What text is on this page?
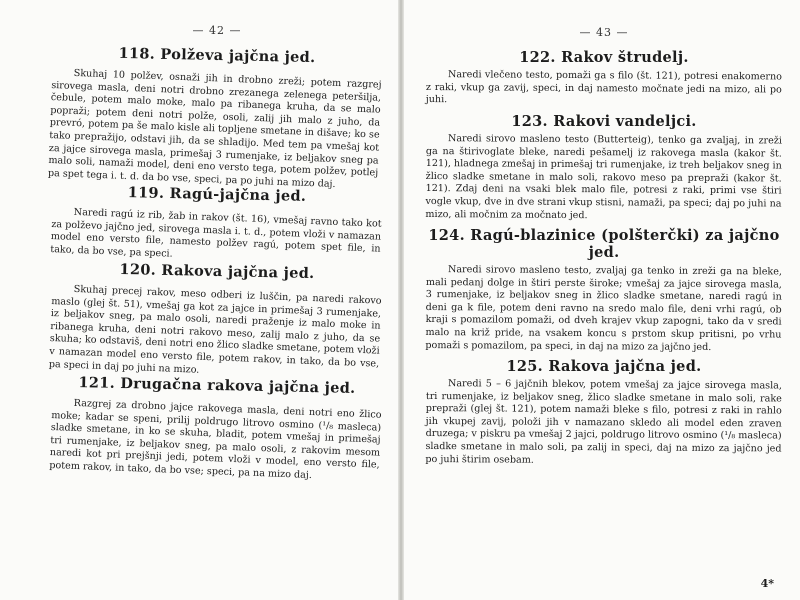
— 42 —
118. Polževa jajčna jed.

Skuhaj 10 polžev, osnaži jih in drobno zreži; potem razgrej sirovega masla, deni notri drobno zrezanega zelenega peteršilja, čebule, potem malo moke, malo pa ribanega kruha, da se malo popraži; potem deni notri polže, osoli, zalij jih malo z juho, da prevró, potem pa še malo kisle ali topljene smetane in dišave; ko se tako prepražijo, odstavi jih, da se shladijo. Med tem pa vmešaj kot za jajce sirovega masla, primešaj 3 rumenjake, iz beljakov sneg pa malo soli, namaži model, deni eno versto tega, potem polžev, potlej pa spet tega i. t. d. da bo vse, speci, pa po juhi na mizo daj.

119. Ragú-jajčna jed.

Naredi ragú iz rib, žab in rakov (št. 16), vmešaj ravno tako kot za polževo jajčno jed, sirovega masla i. t. d., potem vloži v namazan model eno versto file, namesto polžev ragú, potem spet file, in tako, da bo vse, pa speci.

120. Rakova jajčna jed.

Skuhaj precej rakov, meso odberi iz luščin, pa naredi rakovo maslo (glej št. 51), vmešaj ga kot za jajce in primešaj 3 rumenjake, iz beljakov sneg, pa malo osoli, naredi praženje iz malo moke in ribanega kruha, deni notri rakovo meso, zalij malo z juho, da se skuha; ko odstaviš, deni notri eno žlico sladke smetane, potem vloži v namazan model eno versto file, potem rakov, in tako, da bo vse, pa speci in daj po juhi na mizo.

121. Drugačna rakova jajčna jed.

Razgrej za drobno jajce rakovega masla, deni notri eno žlico moke; kadar se speni, prilij poldrugo litrovo osmino (¹/₈ masleca) sladke smetane, in ko se skuha, bladit, potem vmešaj in primešaj tri rumenjake, iz beljakov sneg, pa malo osoli, z rakovim mesom naredi kot pri prejšnji jedi, potem vloži v model, eno versto file, potem rakov, in tako, da bo vse; speci, pa na mizo daj.

— 43 —
122. Rakov štrudelj.

Naredi vlečeno testo, pomaži ga s filo (št. 121), potresi enakomerno z raki, vkup ga zavij, speci, in daj namesto močnate jedi na mizo, ali po juhi.

123. Rakovi vandeljci.

Naredi sirovo masleno testo (Butterteig), tenko ga zvaljaj, in zreži ga na štirivoglate bleke, naredi pešamelj iz rakovega masla (kakor št. 121), hladnega zmešaj in primešaj tri rumenjake, iz treh beljakov sneg in žlico sladke smetane in malo soli, rakovo meso pa prepraži (kakor št. 121). Zdaj deni na vsaki blek malo file, potresi z raki, primi vse štiri vogle vkup, dve in dve strani vkup stisni, namaži, pa speci; daj po juhi na mizo, ali močnim za močnato jed.

124. Ragú-blazinice (polšterčki) za jajčno jed.

Naredi sirovo masleno testo, zvaljaj ga tenko in zreži ga na bleke, mali pedanj dolge in štiri perste široke; vmešaj za jajce sirovega masla, 3 rumenjake, iz beljakov sneg in žlico sladke smetane, naredi ragú in deni ga k file, potem deni ravno na sredo malo file, deni vrhi ragú, ob kraji s pomazilom pomaži, od dveh krajev vkup zapogni, tako da v sredi malo na križ pride, na vsakem koncu s prstom skup pritisni, po vrhu pomaži s pomazilom, pa speci, in daj na mizo za jajčno jed.

125. Rakova jajčna jed.

Naredi 5 – 6 jajčnih blekov, potem vmešaj za jajce sirovega masla, tri rumenjake, iz beljakov sneg, žlico sladke smetane in malo soli, rake prepraži (glej št. 121), potem namaži bleke s filo, potresi z raki in rahlo jih vkupej zavij, položi jih v namazano skledo ali model eden zraven druzega; v piskru pa vmešaj 2 jajci, poldrugo litrovo osmino (¹/₈ masleca) sladke smetane in malo soli, pa zalij in speci, daj na mizo za jajčno jed po juhi štirim osebam.

4*
